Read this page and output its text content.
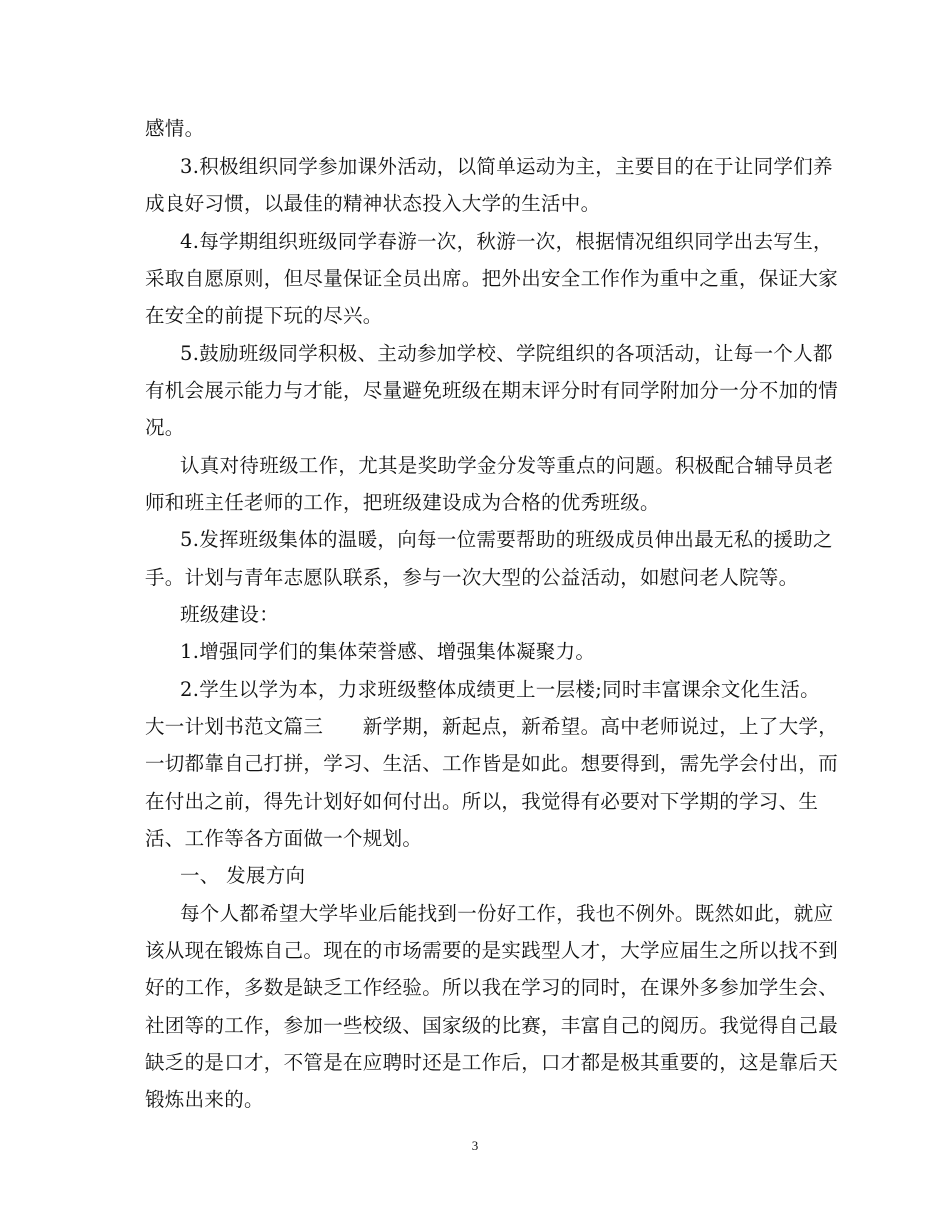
感情。
3.积极组织同学参加课外活动，以简单运动为主，主要目的在于让同学们养
成良好习惯，以最佳的精神状态投入大学的生活中。
4.每学期组织班级同学春游一次，秋游一次，根据情况组织同学出去写生，
采取自愿原则，但尽量保证全员出席。把外出安全工作作为重中之重，保证大家
在安全的前提下玩的尽兴。
5.鼓励班级同学积极、主动参加学校、学院组织的各项活动，让每一个人都
有机会展示能力与才能，尽量避免班级在期末评分时有同学附加分一分不加的情
况。
认真对待班级工作，尤其是奖助学金分发等重点的问题。积极配合辅导员老
师和班主任老师的工作，把班级建设成为合格的优秀班级。
5.发挥班级集体的温暖，向每一位需要帮助的班级成员伸出最无私的援助之
手。计划与青年志愿队联系，参与一次大型的公益活动，如慰问老人院等。
班级建设：
1.增强同学们的集体荣誉感、增强集体凝聚力。
2.学生以学为本，力求班级整体成绩更上一层楼;同时丰富课余文化生活。
大一计划书范文篇三　　新学期，新起点，新希望。高中老师说过，上了大学，
一切都靠自己打拼，学习、生活、工作皆是如此。想要得到，需先学会付出，而
在付出之前，得先计划好如何付出。所以，我觉得有必要对下学期的学习、生
活、工作等各方面做一个规划。
一、 发展方向
每个人都希望大学毕业后能找到一份好工作，我也不例外。既然如此，就应
该从现在锻炼自己。现在的市场需要的是实践型人才，大学应届生之所以找不到
好的工作，多数是缺乏工作经验。所以我在学习的同时，在课外多参加学生会、
社团等的工作，参加一些校级、国家级的比赛，丰富自己的阅历。我觉得自己最
缺乏的是口才，不管是在应聘时还是工作后，口才都是极其重要的，这是靠后天
锻炼出来的。
3
